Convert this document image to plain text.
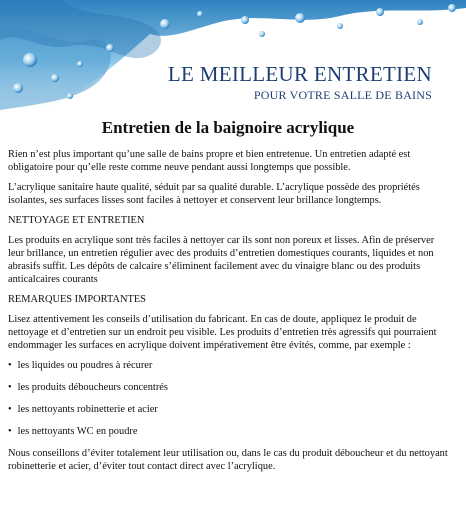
LE MEILLEUR ENTRETIEN
POUR VOTRE SALLE DE BAINS
Entretien de la baignoire acrylique

Rien n’est plus important qu’une salle de bains propre et bien entretenue. Un entretien adapté est obligatoire pour qu’elle reste comme neuve pendant aussi longtemps que possible.

L’acrylique sanitaire haute qualité, séduit par sa qualité durable. L’acrylique possède des propriétés isolantes, ses surfaces lisses sont faciles à nettoyer et conservent leur brillance longtemps.

NETTOYAGE ET ENTRETIEN

Les produits en acrylique sont très faciles à nettoyer car ils sont non poreux et lisses. Afin de préserver leur brillance, un entretien régulier avec des produits d’entretien domestiques courants, liquides et non abrasifs suffit. Les dépôts de calcaire s’éliminent facilement avec du vinaigre blanc ou des produits anticalcaires courants

REMARQUES IMPORTANTES

Lisez attentivement les conseils d’utilisation du fabricant. En cas de doute, appliquez le produit de nettoyage et d’entretien sur un endroit peu visible. Les produits d’entretien très agressifs qui pourraient endommager les surfaces en acrylique doivent impérativement être évités, comme, par exemple :

• les liquides ou poudres à récurer
• les produits déboucheurs concentrés
• les nettoyants robinetterie et acier
• les nettoyants WC en poudre

Nous conseillons d’éviter totalement leur utilisation ou, dans le cas du produit déboucheur et du nettoyant robinetterie et acier, d’éviter tout contact direct avec l’acrylique.
